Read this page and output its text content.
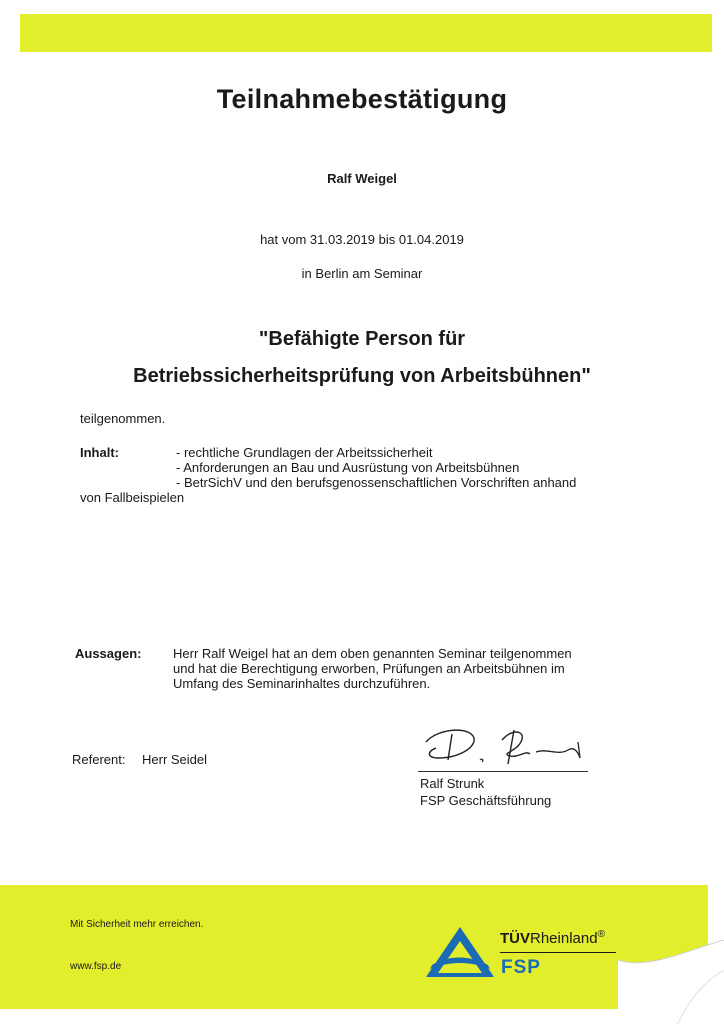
Teilnahmebestätigung
Ralf Weigel
hat vom 31.03.2019 bis 01.04.2019
in Berlin am Seminar
"Befähigte Person für
Betriebssicherheitsprüfung von Arbeitsbühnen"
teilgenommen.
Inhalt:	- rechtliche Grundlagen der Arbeitssicherheit
- Anforderungen an Bau und Ausrüstung von Arbeitsbühnen
- BetrSichV und den berufsgenossenschaftlichen Vorschriften anhand
von Fallbeispielen
Aussagen: Herr Ralf Weigel hat an dem oben genannten Seminar teilgenommen
und hat die Berechtigung erworben, Prüfungen an Arbeitsbühnen im
Umfang des Seminarinhaltes durchzuführen.
Referent: Herr Seidel
Ralf Strunk
FSP Geschäftsführung
Mit Sicherheit mehr erreichen.
www.fsp.de
TÜVRheinland®
FSP
